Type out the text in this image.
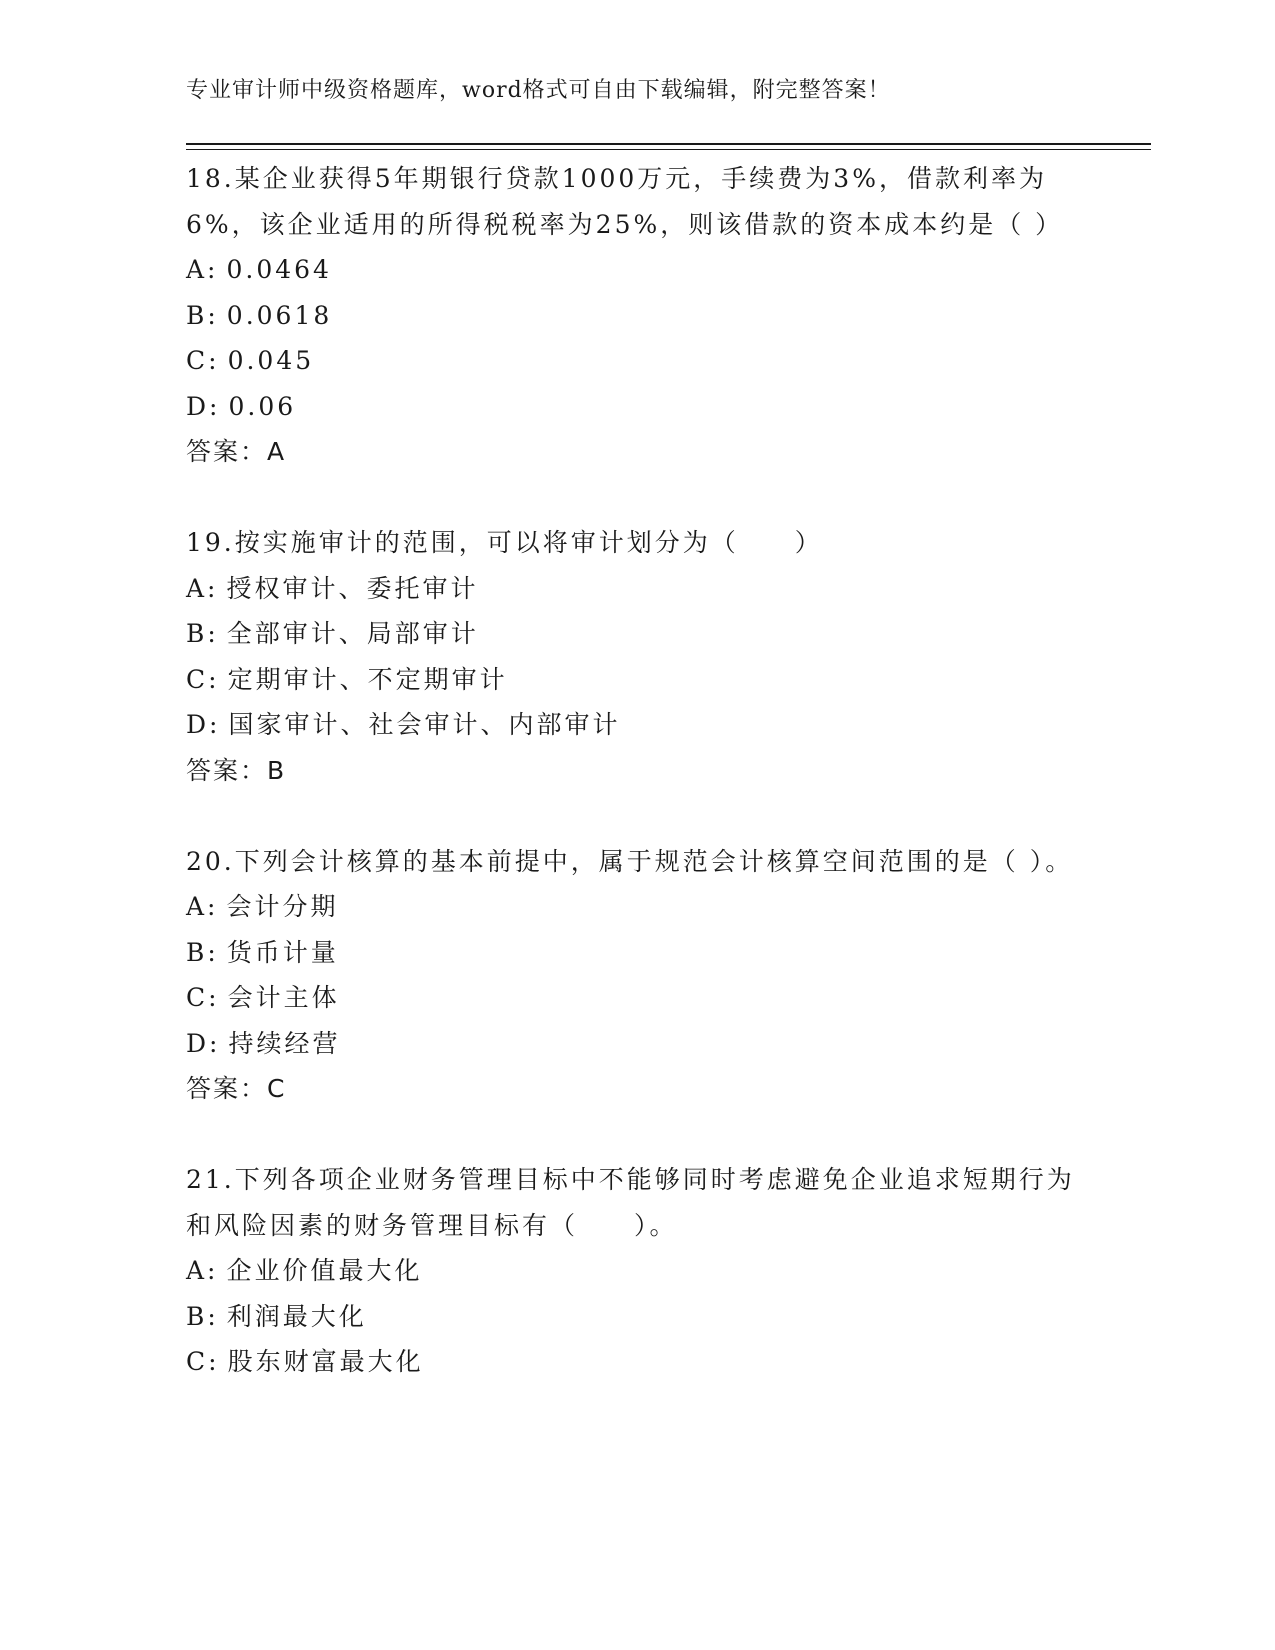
专业审计师中级资格题库，word格式可自由下载编辑，附完整答案！

18.某企业获得5年期银行贷款1000万元，手续费为3%，借款利率为6%，该企业适用的所得税税率为25%，则该借款的资本成本约是（ ）

A: 0.0464

B: 0.0618

C: 0.045

D: 0.06

答案：A

19.按实施审计的范围，可以将审计划分为（　　）

A: 授权审计、委托审计

B: 全部审计、局部审计

C: 定期审计、不定期审计

D: 国家审计、社会审计、内部审计

答案：B

20.下列会计核算的基本前提中，属于规范会计核算空间范围的是（ ）。

A: 会计分期

B: 货币计量

C: 会计主体

D: 持续经营

答案：C

21.下列各项企业财务管理目标中不能够同时考虑避免企业追求短期行为和风险因素的财务管理目标有（　　）。

A: 企业价值最大化

B: 利润最大化

C: 股东财富最大化
